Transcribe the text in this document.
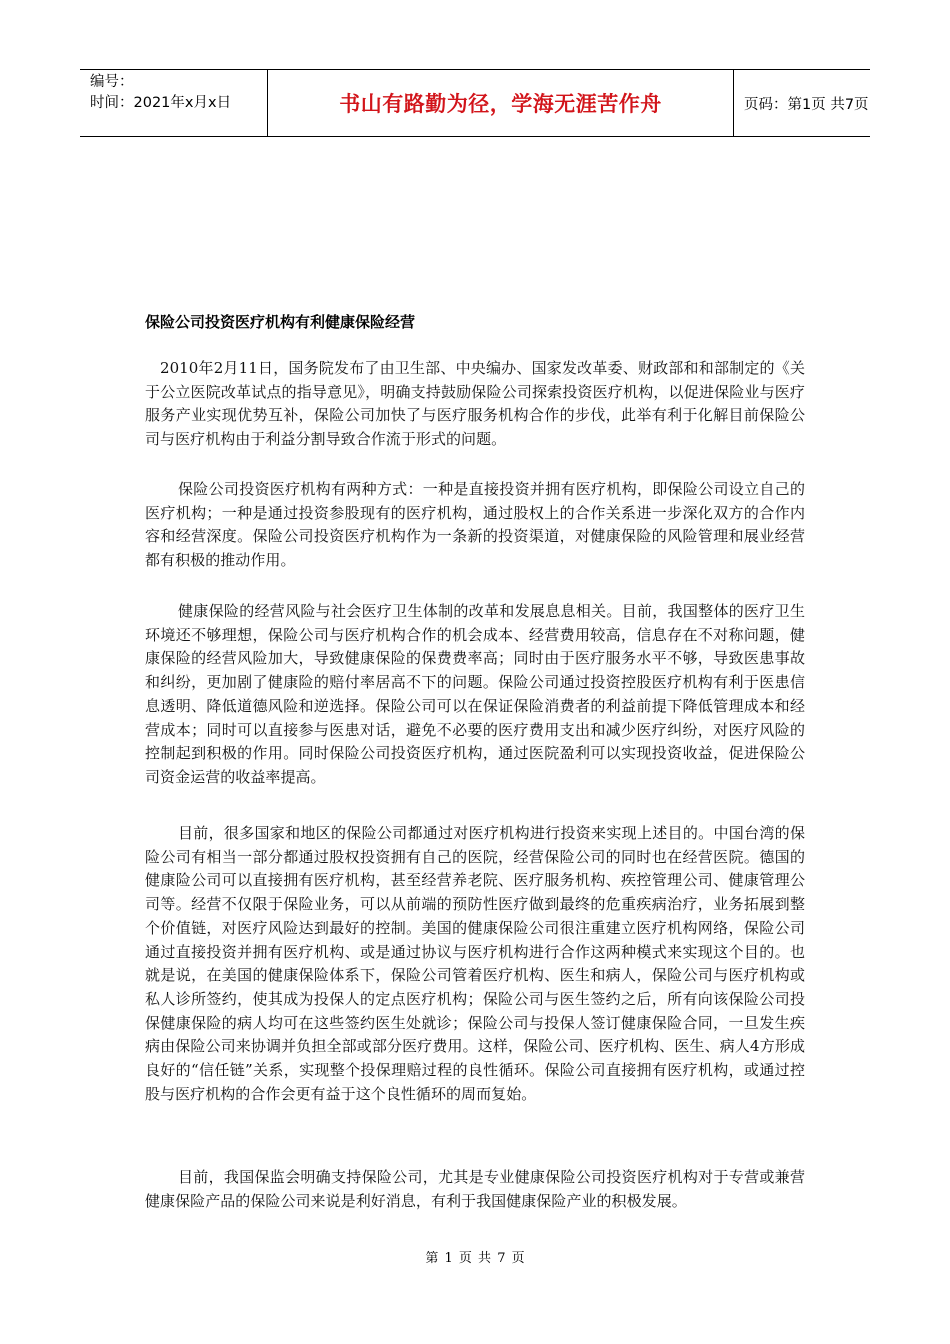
编号：
时间：2021年x月x日	书山有路勤为径，学海无涯苦作舟	页码：第1页 共7页
保险公司投资医疗机构有利健康保险经营

2010年2月11日，国务院发布了由卫生部、中央编办、国家发改革委、财政部和和部制定的《关于公立医院改革试点的指导意见》，明确支持鼓励保险公司探索投资医疗机构，以促进保险业与医疗服务产业实现优势互补，保险公司加快了与医疗服务机构合作的步伐，此举有利于化解目前保险公司与医疗机构由于利益分割导致合作流于形式的问题。

保险公司投资医疗机构有两种方式：一种是直接投资并拥有医疗机构，即保险公司设立自己的医疗机构；一种是通过投资参股现有的医疗机构，通过股权上的合作关系进一步深化双方的合作内容和经营深度。保险公司投资医疗机构作为一条新的投资渠道，对健康保险的风险管理和展业经营都有积极的推动作用。

健康保险的经营风险与社会医疗卫生体制的改革和发展息息相关。目前，我国整体的医疗卫生环境还不够理想，保险公司与医疗机构合作的机会成本、经营费用较高，信息存在不对称问题，健康保险的经营风险加大，导致健康保险的保费费率高；同时由于医疗服务水平不够，导致医患事故和纠纷，更加剧了健康险的赔付率居高不下的问题。保险公司通过投资控股医疗机构有利于医患信息透明、降低道德风险和逆选择。保险公司可以在保证保险消费者的利益前提下降低管理成本和经营成本；同时可以直接参与医患对话，避免不必要的医疗费用支出和减少医疗纠纷，对医疗风险的控制起到积极的作用。同时保险公司投资医疗机构，通过医院盈利可以实现投资收益，促进保险公司资金运营的收益率提高。

目前，很多国家和地区的保险公司都通过对医疗机构进行投资来实现上述目的。中国台湾的保险公司有相当一部分都通过股权投资拥有自己的医院，经营保险公司的同时也在经营医院。德国的健康险公司可以直接拥有医疗机构，甚至经营养老院、医疗服务机构、疾控管理公司、健康管理公司等。经营不仅限于保险业务，可以从前端的预防性医疗做到最终的危重疾病治疗，业务拓展到整个价值链，对医疗风险达到最好的控制。美国的健康保险公司很注重建立医疗机构网络，保险公司通过直接投资并拥有医疗机构、或是通过协议与医疗机构进行合作这两种模式来实现这个目的。也就是说，在美国的健康保险体系下，保险公司管着医疗机构、医生和病人，保险公司与医疗机构或私人诊所签约，使其成为投保人的定点医疗机构；保险公司与医生签约之后，所有向该保险公司投保健康保险的病人均可在这些签约医生处就诊；保险公司与投保人签订健康保险合同，一旦发生疾病由保险公司来协调并负担全部或部分医疗费用。这样，保险公司、医疗机构、医生、病人4方形成良好的“信任链”关系，实现整个投保理赔过程的良性循环。保险公司直接拥有医疗机构，或通过控股与医疗机构的合作会更有益于这个良性循环的周而复始。

目前，我国保监会明确支持保险公司，尤其是专业健康保险公司投资医疗机构对于专营或兼营健康保险产品的保险公司来说是利好消息，有利于我国健康保险产业的积极发展。

第 1 页 共 7 页
